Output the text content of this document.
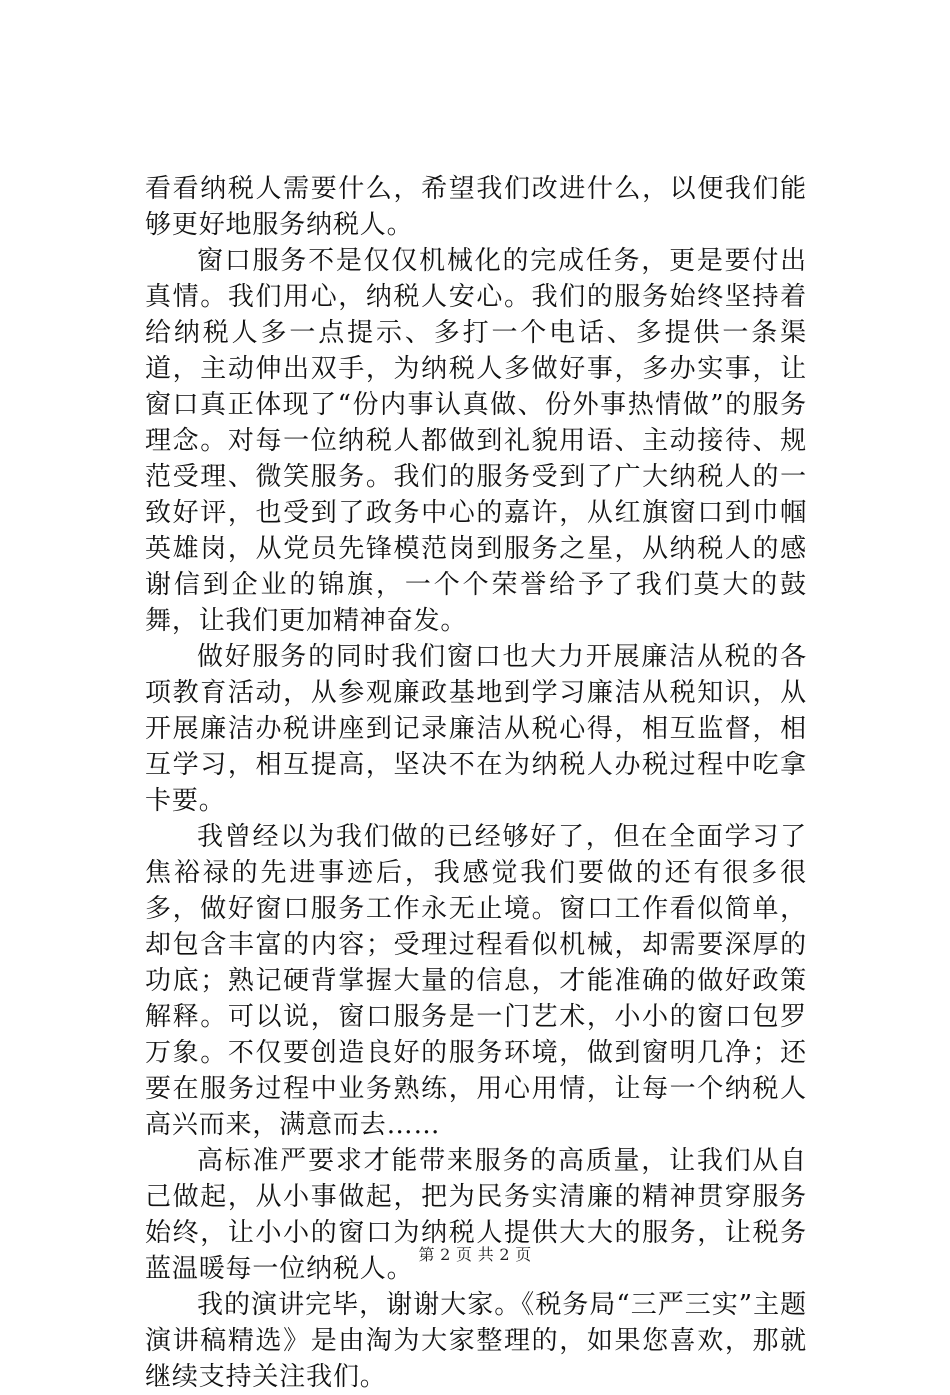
看看纳税人需要什么，希望我们改进什么，以便我们能够更好地服务纳税人。

窗口服务不是仅仅机械化的完成任务，更是要付出真情。我们用心，纳税人安心。我们的服务始终坚持着给纳税人多一点提示、多打一个电话、多提供一条渠道，主动伸出双手，为纳税人多做好事，多办实事，让窗口真正体现了“份内事认真做、份外事热情做”的服务理念。对每一位纳税人都做到礼貌用语、主动接待、规范受理、微笑服务。我们的服务受到了广大纳税人的一致好评，也受到了政务中心的嘉许，从红旗窗口到巾帼英雄岗，从党员先锋模范岗到服务之星，从纳税人的感谢信到企业的锦旗，一个个荣誉给予了我们莫大的鼓舞，让我们更加精神奋发。

做好服务的同时我们窗口也大力开展廉洁从税的各项教育活动，从参观廉政基地到学习廉洁从税知识，从开展廉洁办税讲座到记录廉洁从税心得，相互监督，相互学习，相互提高，坚决不在为纳税人办税过程中吃拿卡要。

我曾经以为我们做的已经够好了，但在全面学习了焦裕禄的先进事迹后，我感觉我们要做的还有很多很多，做好窗口服务工作永无止境。窗口工作看似简单，却包含丰富的内容；受理过程看似机械，却需要深厚的功底；熟记硬背掌握大量的信息，才能准确的做好政策解释。可以说，窗口服务是一门艺术，小小的窗口包罗万象。不仅要创造良好的服务环境，做到窗明几净；还要在服务过程中业务熟练，用心用情，让每一个纳税人高兴而来，满意而去……

高标准严要求才能带来服务的高质量，让我们从自己做起，从小事做起，把为民务实清廉的精神贯穿服务始终，让小小的窗口为纳税人提供大大的服务，让税务蓝温暖每一位纳税人。

我的演讲完毕，谢谢大家。《税务局“三严三实”主题演讲稿精选》是由淘为大家整理的，如果您喜欢，那就继续支持关注我们。

第 2 页 共 2 页
